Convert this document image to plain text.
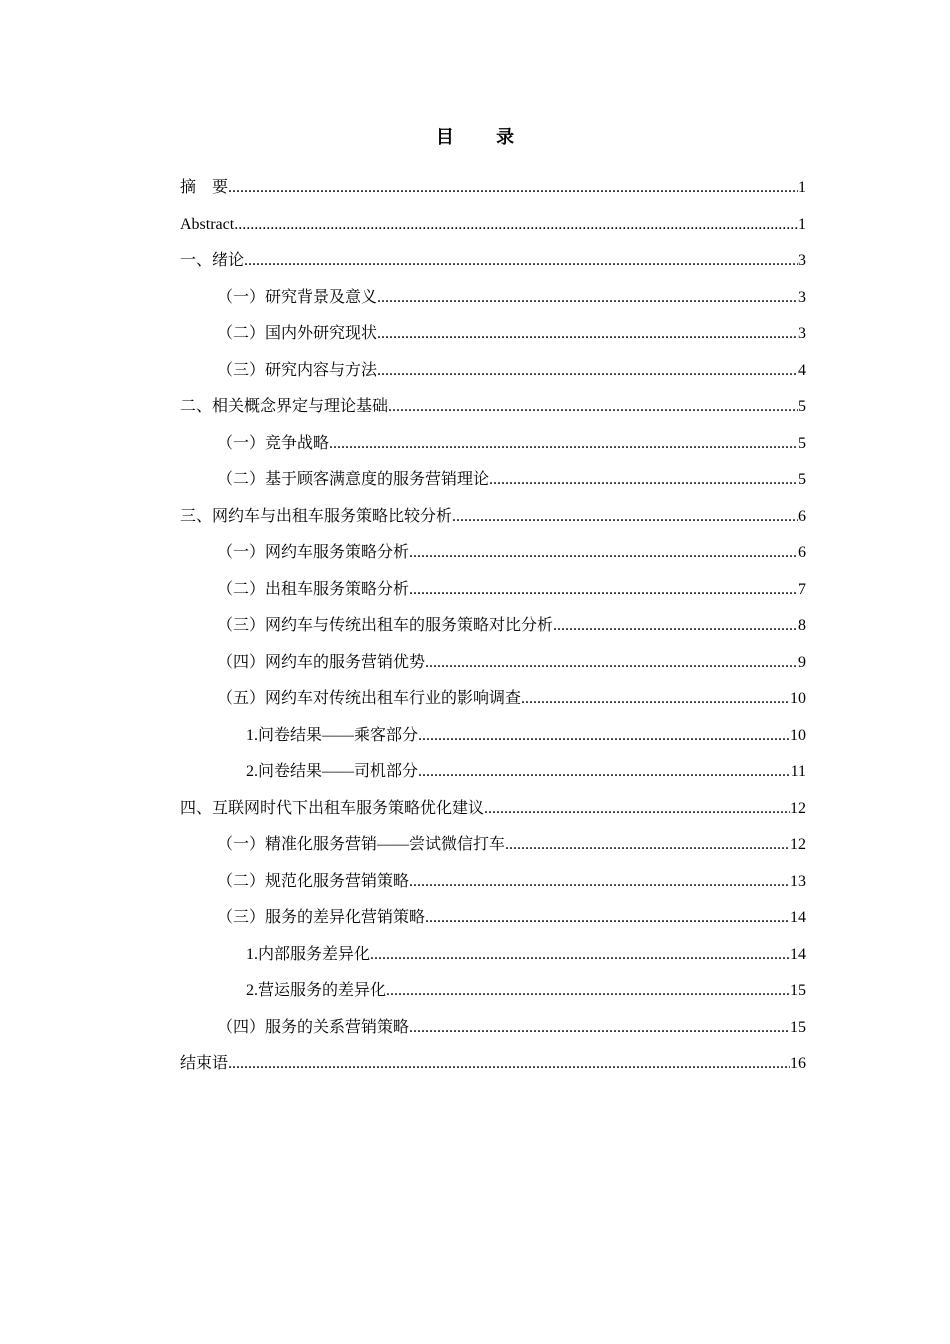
目 录
摘　要 .....	1
Abstract .....	1
一、绪论 .....	3
（一）研究背景及意义 .....	3
（二）国内外研究现状 .....	3
（三）研究内容与方法 .....	4
二、相关概念界定与理论基础 .....	5
（一）竞争战略 .....	5
（二）基于顾客满意度的服务营销理论 .....	5
三、网约车与出租车服务策略比较分析 .....	6
（一）网约车服务策略分析 .....	6
（二）出租车服务策略分析 .....	7
（三）网约车与传统出租车的服务策略对比分析 .....	8
（四）网约车的服务营销优势 .....	9
（五）网约车对传统出租车行业的影响调查 .....	10
1.问卷结果——乘客部分 .....	10
2.问卷结果——司机部分 .....	11
四、互联网时代下出租车服务策略优化建议 .....	12
（一）精准化服务营销——尝试微信打车 .....	12
（二）规范化服务营销策略 .....	13
（三）服务的差异化营销策略 .....	14
1.内部服务差异化 .....	14
2.营运服务的差异化 .....	15
（四）服务的关系营销策略 .....	15
结束语 .....	16
